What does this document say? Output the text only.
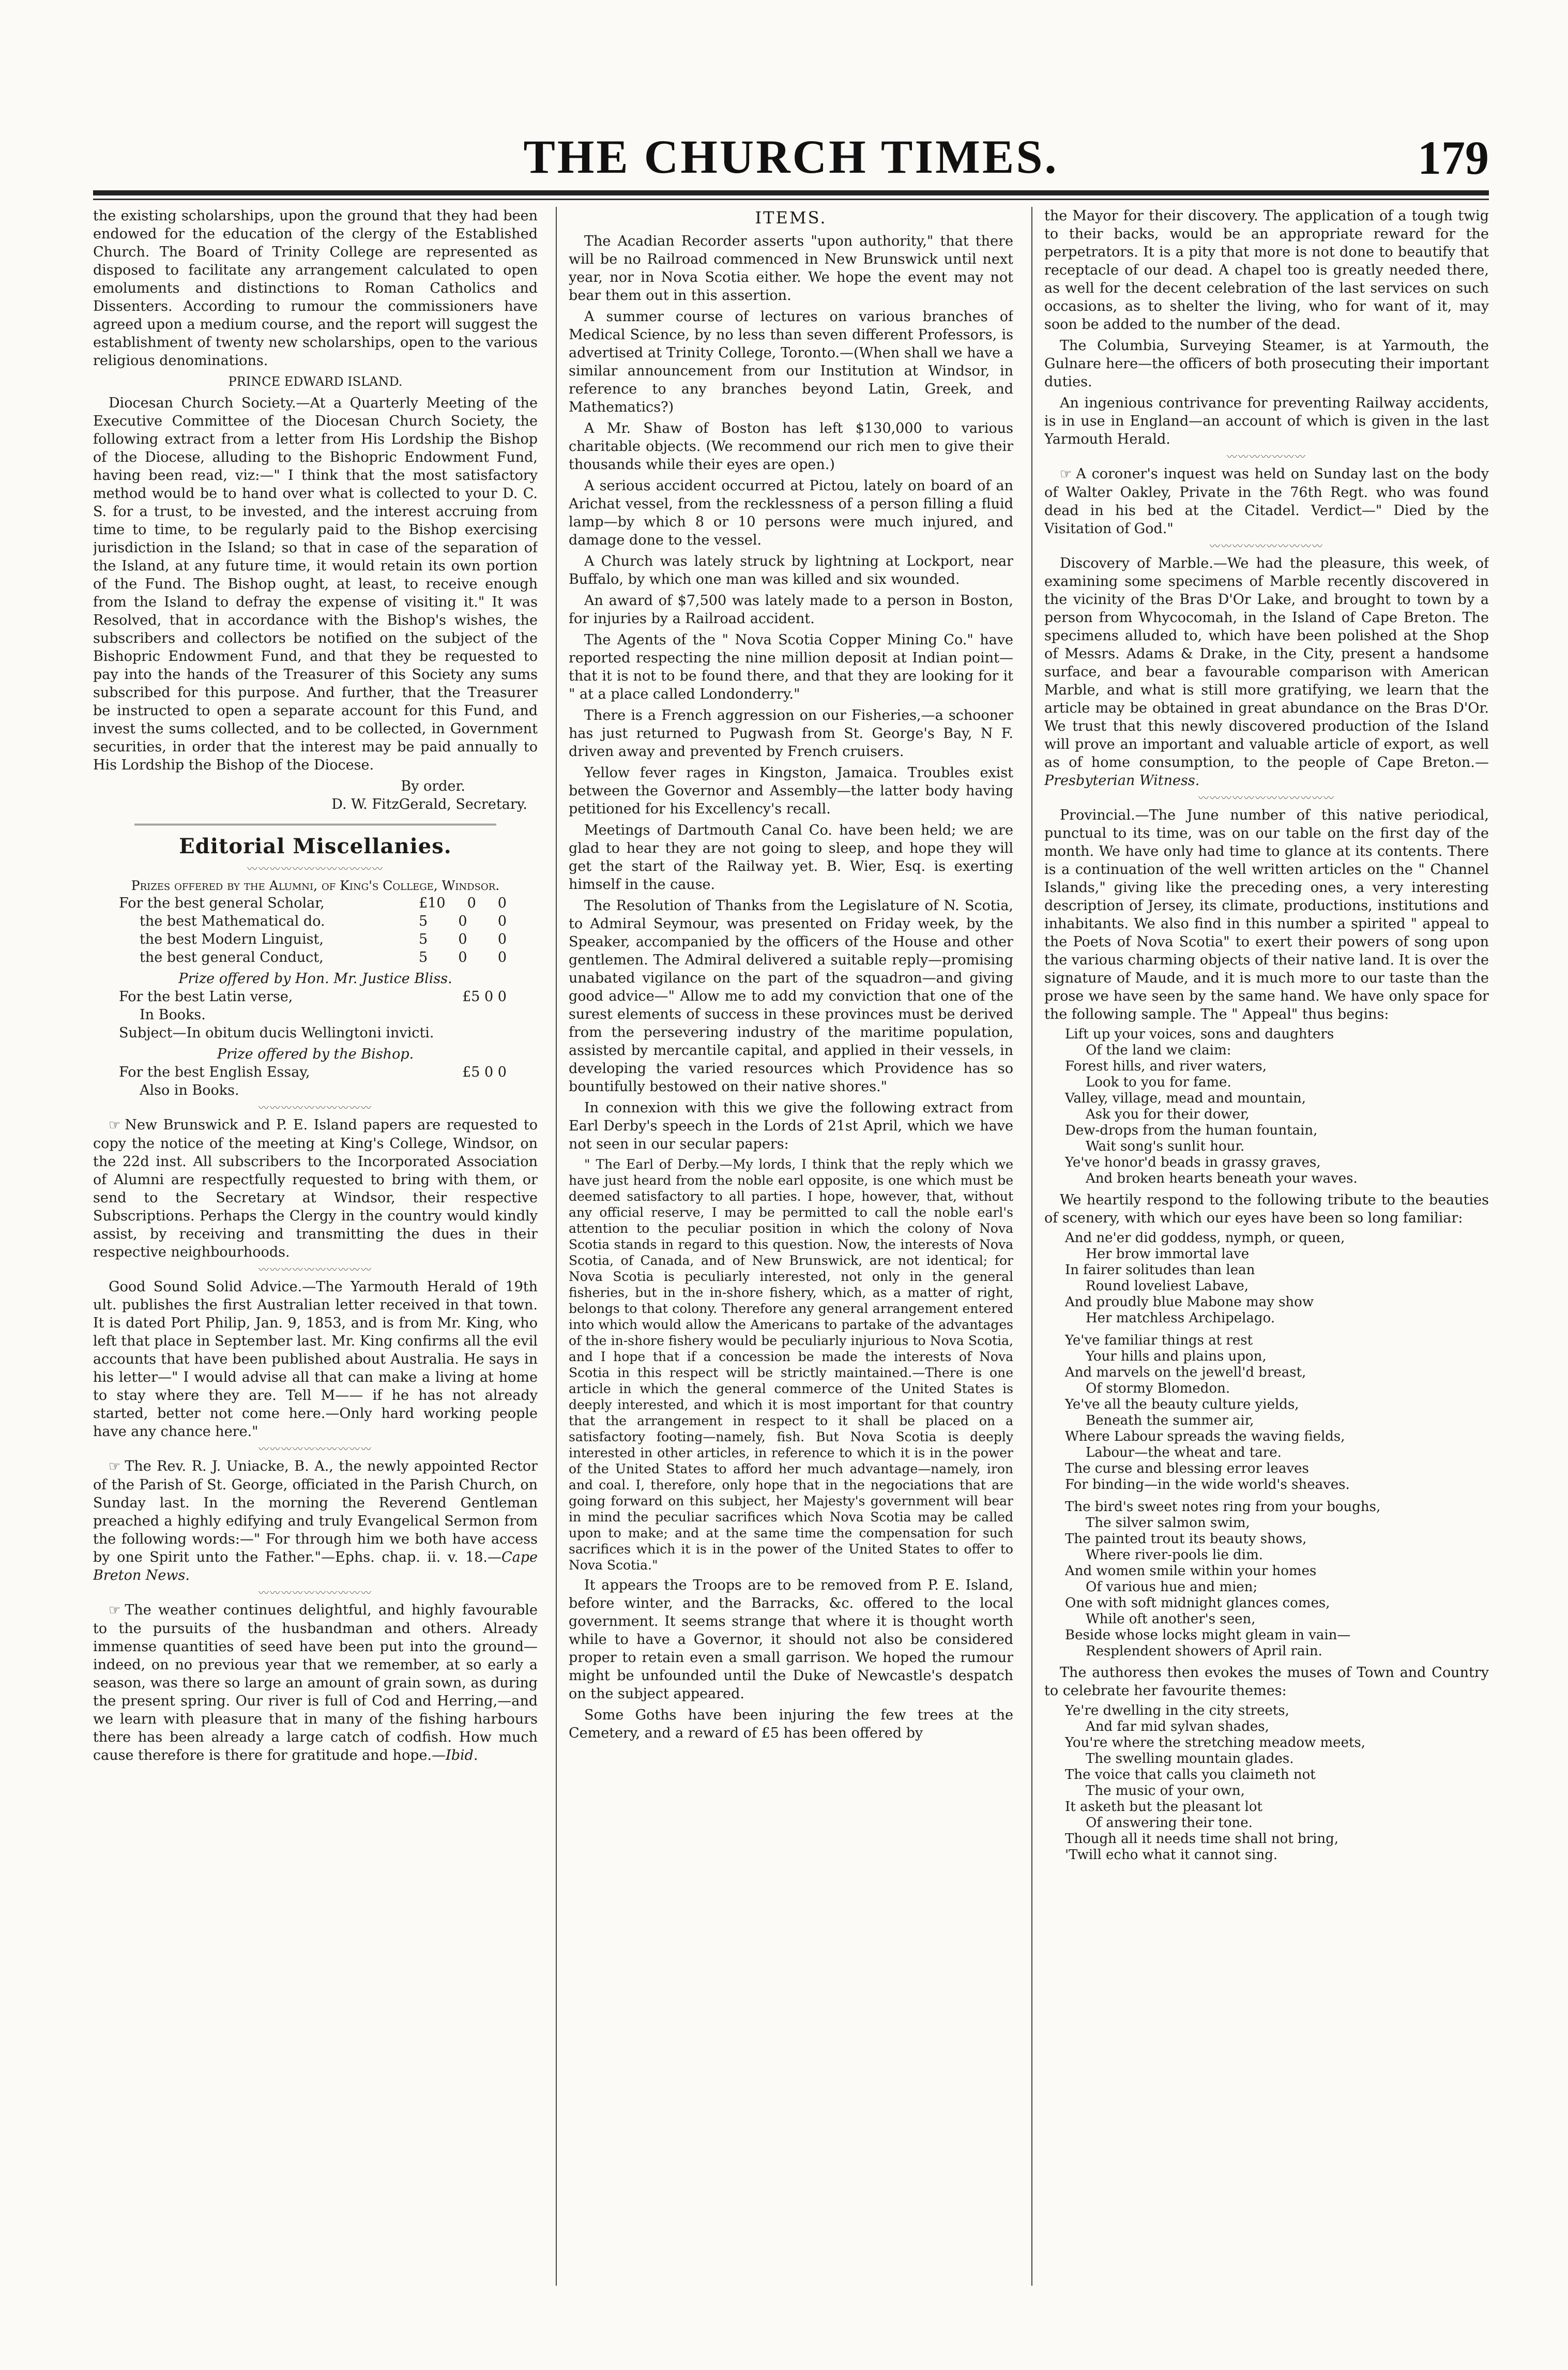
THE CHURCH TIMES.	179

the existing scholarships, upon the ground that they had been endowed for the education of the clergy of the Established Church. The Board of Trinity College are represented as disposed to facilitate any arrangement calculated to open emoluments and distinctions to Roman Catholics and Dissenters. According to rumour the commissioners have agreed upon a medium course, and the report will suggest the establishment of twenty new scholarships, open to the various religious denominations.

PRINCE EDWARD ISLAND.

Diocesan Church Society.—At a Quarterly Meeting of the Executive Committee of the Diocesan Church Society, the following extract from a letter from His Lordship the Bishop of the Diocese, alluding to the Bishopric Endowment Fund, having been read, viz:—" I think that the most satisfactory method would be to hand over what is collected to your D. C. S. for a trust, to be invested, and the interest accruing from time to time, to be regularly paid to the Bishop exercising jurisdiction in the Island; so that in case of the separation of the Island, at any future time, it would retain its own portion of the Fund. The Bishop ought, at least, to receive enough from the Island to defray the expense of visiting it." It was Resolved, that in accordance with the Bishop's wishes, the subscribers and collectors be notified on the subject of the Bishopric Endowment Fund, and that they be requested to pay into the hands of the Treasurer of this Society any sums subscribed for this purpose. And further, that the Treasurer be instructed to open a separate account for this Fund, and invest the sums collected, and to be collected, in Government securities, in order that the interest may be paid annually to His Lordship the Bishop of the Diocese.

By order.
D. W. FitzGerald, Secretary.
Editorial Miscellanies.
〰〰〰〰〰〰〰〰〰〰〰〰
Prizes offered by the Alumni, of King's College, Windsor.
For the best general Scholar,	£10 0 0
the best Mathematical do.	5 0 0
the best Modern Linguist,	5 0 0
the best general Conduct,	5 0 0
Prize offered by Hon. Mr. Justice Bliss.
For the best Latin verse,	£5 0 0
In Books.
Subject—In obitum ducis Wellingtoni invicti.
Prize offered by the Bishop.
For the best English Essay,	£5 0 0
Also in Books.
〰〰〰〰〰〰〰〰〰〰

☞ New Brunswick and P. E. Island papers are requested to copy the notice of the meeting at King's College, Windsor, on the 22d inst. All subscribers to the Incorporated Association of Alumni are respectfully requested to bring with them, or send to the Secretary at Windsor, their respective Subscriptions. Perhaps the Clergy in the country would kindly assist, by receiving and transmitting the dues in their respective neighbourhoods.

〰〰〰〰〰〰〰〰〰〰

Good Sound Solid Advice.—The Yarmouth Herald of 19th ult. publishes the first Australian letter received in that town. It is dated Port Philip, Jan. 9, 1853, and is from Mr. King, who left that place in September last. Mr. King confirms all the evil accounts that have been published about Australia. He says in his letter—" I would advise all that can make a living at home to stay where they are. Tell M—— if he has not already started, better not come here.—Only hard working people have any chance here."

〰〰〰〰〰〰〰〰〰〰

☞ The Rev. R. J. Uniacke, B. A., the newly appointed Rector of the Parish of St. George, officiated in the Parish Church, on Sunday last. In the morning the Reverend Gentleman preached a highly edifying and truly Evangelical Sermon from the following words:—" For through him we both have access by one Spirit unto the Father."—Ephs. chap. ii. v. 18.—Cape Breton News.

〰〰〰〰〰〰〰〰〰〰

☞ The weather continues delightful, and highly favourable to the pursuits of the husbandman and others. Already immense quantities of seed have been put into the ground—indeed, on no previous year that we remember, at so early a season, was there so large an amount of grain sown, as during the present spring. Our river is full of Cod and Herring,—and we learn with pleasure that in many of the fishing harbours there has been already a large catch of codfish. How much cause therefore is there for gratitude and hope.—Ibid.

ITEMS.

The Acadian Recorder asserts "upon authority," that there will be no Railroad commenced in New Brunswick until next year, nor in Nova Scotia either. We hope the event may not bear them out in this assertion.

A summer course of lectures on various branches of Medical Science, by no less than seven different Professors, is advertised at Trinity College, Toronto.—(When shall we have a similar announcement from our Institution at Windsor, in reference to any branches beyond Latin, Greek, and Mathematics?)

A Mr. Shaw of Boston has left $130,000 to various charitable objects. (We recommend our rich men to give their thousands while their eyes are open.)

A serious accident occurred at Pictou, lately on board of an Arichat vessel, from the recklessness of a person filling a fluid lamp—by which 8 or 10 persons were much injured, and damage done to the vessel.

A Church was lately struck by lightning at Lockport, near Buffalo, by which one man was killed and six wounded.

An award of $7,500 was lately made to a person in Boston, for injuries by a Railroad accident.

The Agents of the " Nova Scotia Copper Mining Co." have reported respecting the nine million deposit at Indian point—that it is not to be found there, and that they are looking for it " at a place called Londonderry."

There is a French aggression on our Fisheries,—a schooner has just returned to Pugwash from St. George's Bay, N F. driven away and prevented by French cruisers.

Yellow fever rages in Kingston, Jamaica. Troubles exist between the Governor and Assembly—the latter body having petitioned for his Excellency's recall.

Meetings of Dartmouth Canal Co. have been held; we are glad to hear they are not going to sleep, and hope they will get the start of the Railway yet. B. Wier, Esq. is exerting himself in the cause.

The Resolution of Thanks from the Legislature of N. Scotia, to Admiral Seymour, was presented on Friday week, by the Speaker, accompanied by the officers of the House and other gentlemen. The Admiral delivered a suitable reply—promising unabated vigilance on the part of the squadron—and giving good advice—" Allow me to add my conviction that one of the surest elements of success in these provinces must be derived from the persevering industry of the maritime population, assisted by mercantile capital, and applied in their vessels, in developing the varied resources which Providence has so bountifully bestowed on their native shores."

In connexion with this we give the following extract from Earl Derby's speech in the Lords of 21st April, which we have not seen in our secular papers:

" The Earl of Derby.—My lords, I think that the reply which we have just heard from the noble earl opposite, is one which must be deemed satisfactory to all parties. I hope, however, that, without any official reserve, I may be permitted to call the noble earl's attention to the peculiar position in which the colony of Nova Scotia stands in regard to this question. Now, the interests of Nova Scotia, of Canada, and of New Brunswick, are not identical; for Nova Scotia is peculiarly interested, not only in the general fisheries, but in the in-shore fishery, which, as a matter of right, belongs to that colony. Therefore any general arrangement entered into which would allow the Americans to partake of the advantages of the in-shore fishery would be peculiarly injurious to Nova Scotia, and I hope that if a concession be made the interests of Nova Scotia in this respect will be strictly maintained.—There is one article in which the general commerce of the United States is deeply interested, and which it is most important for that country that the arrangement in respect to it shall be placed on a satisfactory footing—namely, fish. But Nova Scotia is deeply interested in other articles, in reference to which it is in the power of the United States to afford her much advantage—namely, iron and coal. I, therefore, only hope that in the negociations that are going forward on this subject, her Majesty's government will bear in mind the peculiar sacrifices which Nova Scotia may be called upon to make; and at the same time the compensation for such sacrifices which it is in the power of the United States to offer to Nova Scotia."

It appears the Troops are to be removed from P. E. Island, before winter, and the Barracks, &c. offered to the local government. It seems strange that where it is thought worth while to have a Governor, it should not also be considered proper to retain even a small garrison. We hoped the rumour might be unfounded until the Duke of Newcastle's despatch on the subject appeared.

Some Goths have been injuring the few trees at the Cemetery, and a reward of £5 has been offered by

the Mayor for their discovery. The application of a tough twig to their backs, would be an appropriate reward for the perpetrators. It is a pity that more is not done to beautify that receptacle of our dead. A chapel too is greatly needed there, as well for the decent celebration of the last services on such occasions, as to shelter the living, who for want of it, may soon be added to the number of the dead.

The Columbia, Surveying Steamer, is at Yarmouth, the Gulnare here—the officers of both prosecuting their important duties.

An ingenious contrivance for preventing Railway accidents, is in use in England—an account of which is given in the last Yarmouth Herald.

〰〰〰〰〰〰〰

☞ A coroner's inquest was held on Sunday last on the body of Walter Oakley, Private in the 76th Regt. who was found dead in his bed at the Citadel. Verdict—" Died by the Visitation of God."

〰〰〰〰〰〰〰〰〰〰

Discovery of Marble.—We had the pleasure, this week, of examining some specimens of Marble recently discovered in the vicinity of the Bras D'Or Lake, and brought to town by a person from Whycocomah, in the Island of Cape Breton. The specimens alluded to, which have been polished at the Shop of Messrs. Adams & Drake, in the City, present a handsome surface, and bear a favourable comparison with American Marble, and what is still more gratifying, we learn that the article may be obtained in great abundance on the Bras D'Or. We trust that this newly discovered production of the Island will prove an important and valuable article of export, as well as of home consumption, to the people of Cape Breton.—Presbyterian Witness.

〰〰〰〰〰〰〰〰〰〰〰〰

Provincial.—The June number of this native periodical, punctual to its time, was on our table on the first day of the month. We have only had time to glance at its contents. There is a continuation of the well written articles on the " Channel Islands," giving like the preceding ones, a very interesting description of Jersey, its climate, productions, institutions and inhabitants. We also find in this number a spirited " appeal to the Poets of Nova Scotia" to exert their powers of song upon the various charming objects of their native land. It is over the signature of Maude, and it is much more to our taste than the prose we have seen by the same hand. We have only space for the following sample. The " Appeal" thus begins:

Lift up your voices, sons and daughters
Of the land we claim:
Forest hills, and river waters,
Look to you for fame.
Valley, village, mead and mountain,
Ask you for their dower,
Dew-drops from the human fountain,
Wait song's sunlit hour.
Ye've honor'd beads in grassy graves,
And broken hearts beneath your waves.

We heartily respond to the following tribute to the beauties of scenery, with which our eyes have been so long familiar:

And ne'er did goddess, nymph, or queen,
Her brow immortal lave
In fairer solitudes than lean
Round loveliest Labave,
And proudly blue Mabone may show
Her matchless Archipelago.

Ye've familiar things at rest
Your hills and plains upon,
And marvels on the jewell'd breast,
Of stormy Blomedon.
Ye've all the beauty culture yields,
Beneath the summer air,
Where Labour spreads the waving fields,
Labour—the wheat and tare.
The curse and blessing error leaves
For binding—in the wide world's sheaves.

The bird's sweet notes ring from your boughs,
The silver salmon swim,
The painted trout its beauty shows,
Where river-pools lie dim.
And women smile within your homes
Of various hue and mien;
One with soft midnight glances comes,
While oft another's seen,
Beside whose locks might gleam in vain—
Resplendent showers of April rain.

The authoress then evokes the muses of Town and Country to celebrate her favourite themes:

Ye're dwelling in the city streets,
And far mid sylvan shades,
You're where the stretching meadow meets,
The swelling mountain glades.
The voice that calls you claimeth not
The music of your own,
It asketh but the pleasant lot
Of answering their tone.
Though all it needs time shall not bring,
'Twill echo what it cannot sing.
